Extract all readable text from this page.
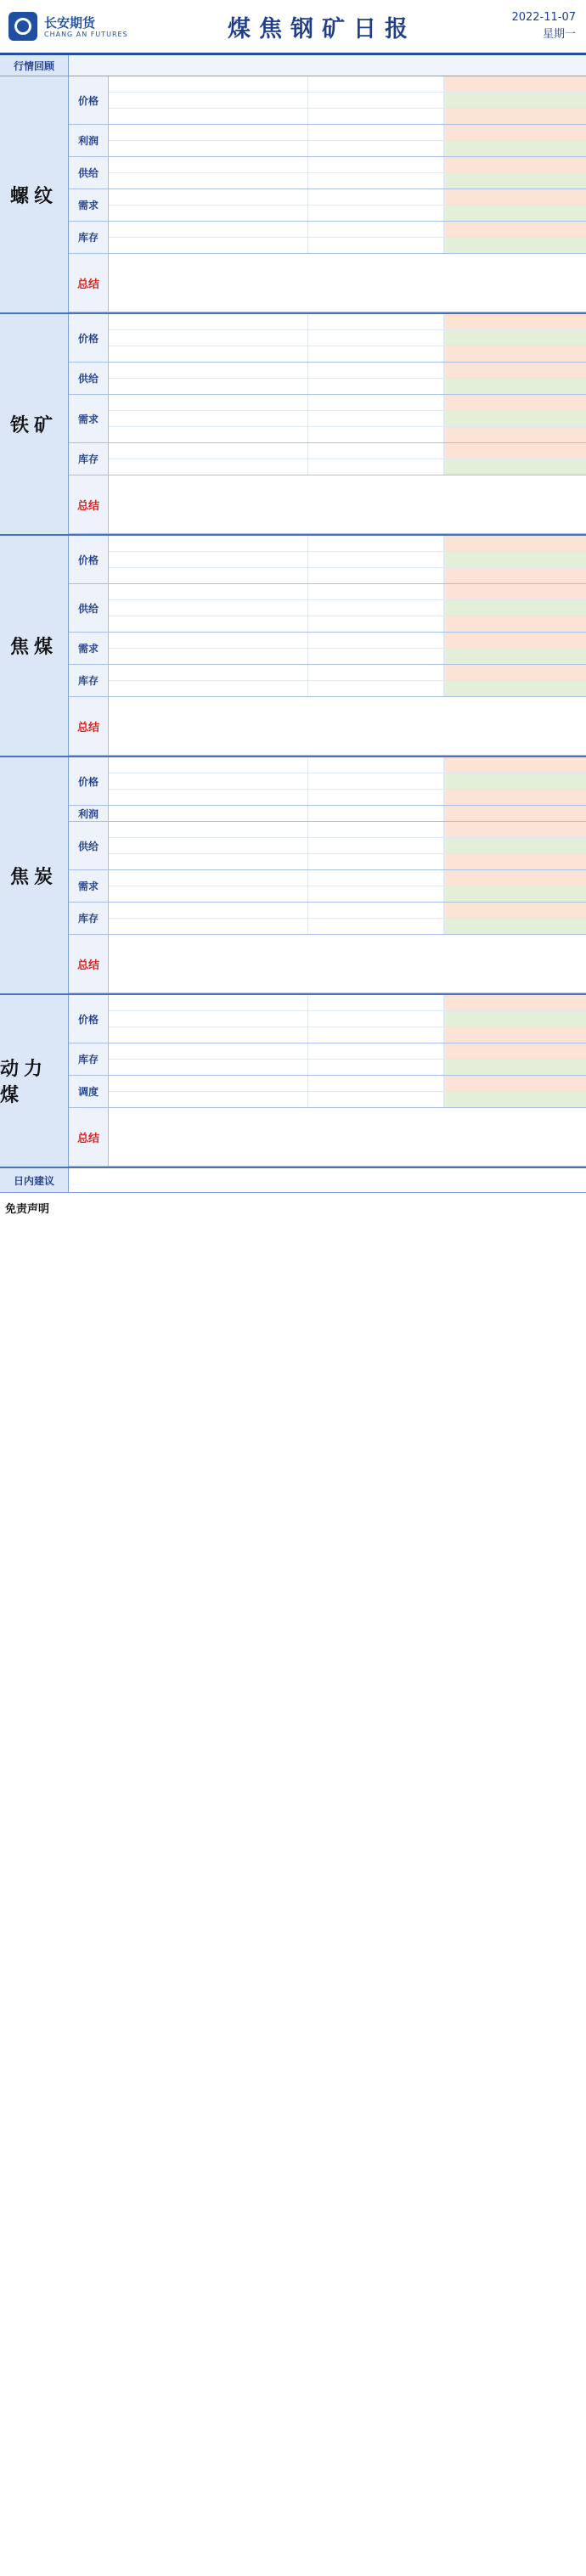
长安期货
CHANG AN FUTURES	煤焦钢矿日报	2022-11-07
星期一
行情回顾
螺纹
价格
利润
供给
需求
库存
总结
铁矿
价格
供给
需求
库存
总结
焦煤
价格
供给
需求
库存
总结
焦炭
价格
利润
供给
需求
库存
总结
动力煤
价格
库存
调度
总结
日内建议
免责声明
